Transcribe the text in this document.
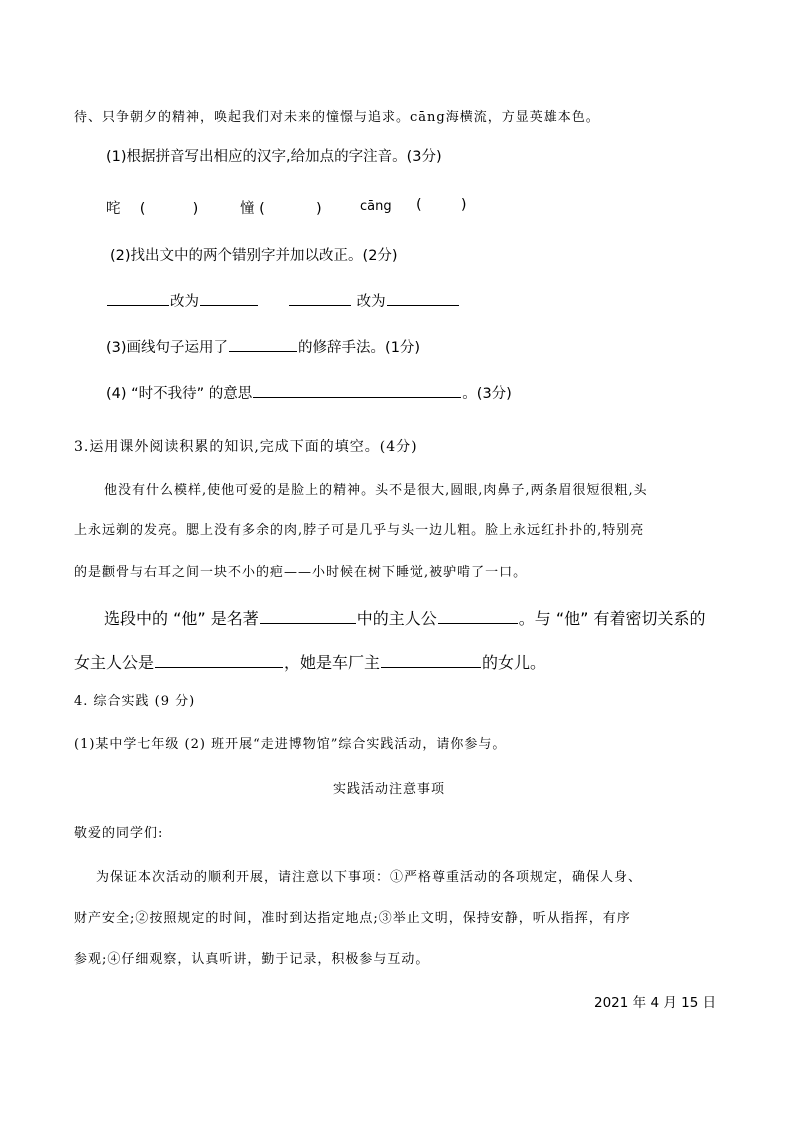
待、只争朝夕的精神，唤起我们对未来的憧憬与追求。cāng海横流，方显英雄本色。
(1)根据拼音写出相应的汉字,给加点的字注音。(3分)
咤 (	)	憧 (	)	cāng (	)
(2)找出文中的两个错别字并加以改正。(2分)
改为	改为
(3)画线句子运用了	的修辞手法。(1分)
(4) “时不我待” 的意思	。(3分)
3.运用课外阅读积累的知识,完成下面的填空。(4分)
他没有什么模样,使他可爱的是脸上的精神。头不是很大,圆眼,肉鼻子,两条眉很短很粗,头
上永远剃的发亮。腮上没有多余的肉,脖子可是几乎与头一边儿粗。脸上永远红扑扑的,特别亮
的是颧骨与右耳之间一块不小的疤——小时候在树下睡觉,被驴啃了一口。
选段中的 “他” 是名著	中的主人公	。与 “他” 有着密切关系的
女主人公是	，她是车厂主	的女儿。
4. 综合实践 (9 分)
(1)某中学七年级 (2) 班开展“走进博物馆”综合实践活动，请你参与。
实践活动注意事项
敬爱的同学们:
为保证本次活动的顺利开展，请注意以下事项：①严格尊重活动的各项规定，确保人身、
财产安全;②按照规定的时间，准时到达指定地点;③举止文明，保持安静，听从指挥，有序
参观;④仔细观察，认真听讲，勤于记录，积极参与互动。
2021 年 4 月 15 日
